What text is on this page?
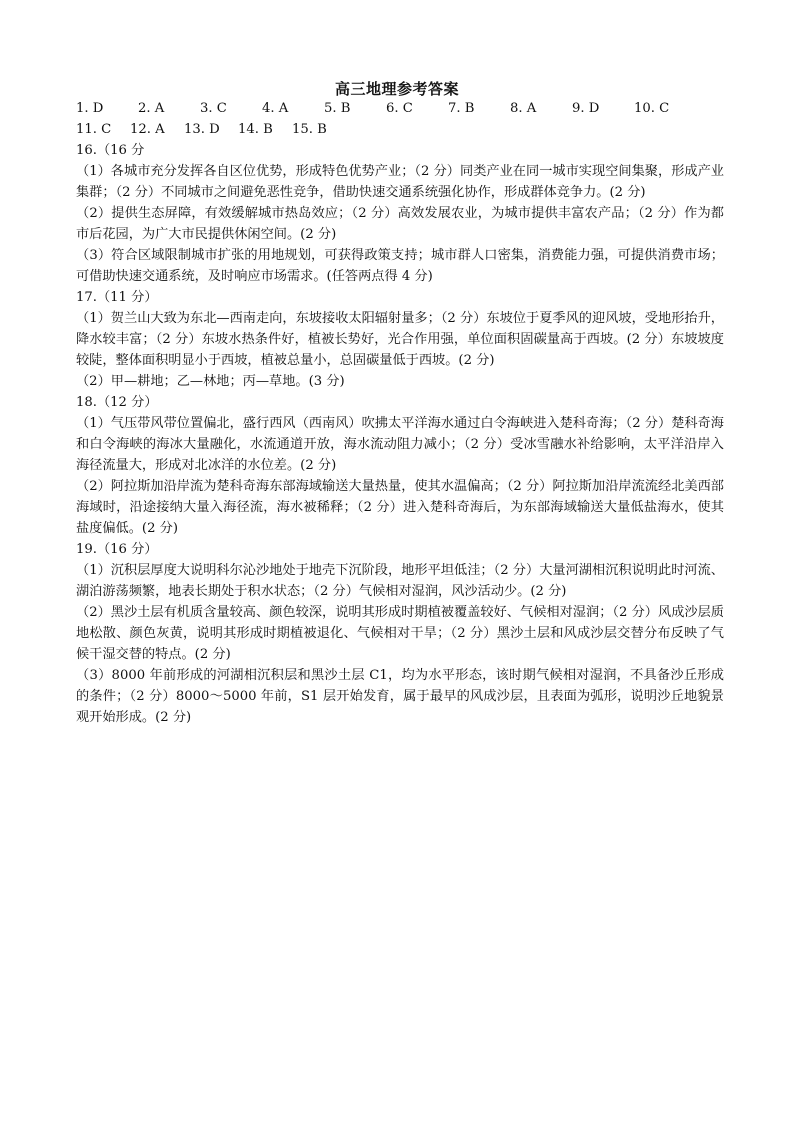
高三地理参考答案
1. D	2. A	3. C	4. A	5. B	6. C	7. B	8. A	9. D	10. C
11. C	12. A	13. D	14. B	15. B
16.（16 分

（1）各城市充分发挥各自区位优势，形成特色优势产业；（2 分）同类产业在同一城市实现空间集聚，形成产业集群；（2 分）不同城市之间避免恶性竞争，借助快速交通系统强化协作，形成群体竞争力。(2 分)

（2）提供生态屏障，有效缓解城市热岛效应；（2 分）高效发展农业，为城市提供丰富农产品；（2 分）作为都市后花园，为广大市民提供休闲空间。(2 分)

（3）符合区域限制城市扩张的用地规划，可获得政策支持；城市群人口密集，消费能力强，可提供消费市场；可借助快速交通系统，及时响应市场需求。(任答两点得 4 分)

17.（11 分）

（1）贺兰山大致为东北—西南走向，东坡接收太阳辐射量多；（2 分）东坡位于夏季风的迎风坡，受地形抬升，降水较丰富；（2 分）东坡水热条件好，植被长势好，光合作用强，单位面积固碳量高于西坡。(2 分）东坡坡度较陡，整体面积明显小于西坡，植被总量小，总固碳量低于西坡。(2 分)

（2）甲—耕地；乙—林地；丙—草地。(3 分)

18.（12 分）

（1）气压带风带位置偏北，盛行西风（西南风）吹拂太平洋海水通过白令海峡进入楚科奇海；（2 分）楚科奇海和白令海峡的海冰大量融化，水流通道开放，海水流动阻力减小；（2 分）受冰雪融水补给影响，太平洋沿岸入海径流量大，形成对北冰洋的水位差。(2 分)

（2）阿拉斯加沿岸流为楚科奇海东部海域输送大量热量，使其水温偏高；（2 分）阿拉斯加沿岸流流经北美西部海域时，沿途接纳大量入海径流，海水被稀释；（2 分）进入楚科奇海后，为东部海域输送大量低盐海水，使其盐度偏低。(2 分)

19.（16 分）

（1）沉积层厚度大说明科尔沁沙地处于地壳下沉阶段，地形平坦低洼；（2 分）大量河湖相沉积说明此时河流、湖泊游荡频繁，地表长期处于积水状态；（2 分）气候相对湿润，风沙活动少。(2 分)

（2）黑沙土层有机质含量较高、颜色较深，说明其形成时期植被覆盖较好、气候相对湿润；（2 分）风成沙层质地松散、颜色灰黄，说明其形成时期植被退化、气候相对干旱；（2 分）黑沙土层和风成沙层交替分布反映了气候干湿交替的特点。(2 分)

（3）8000 年前形成的河湖相沉积层和黑沙土层 C1，均为水平形态，该时期气候相对湿润，不具备沙丘形成的条件；（2 分）8000～5000 年前，S1 层开始发育，属于最早的风成沙层，且表面为弧形，说明沙丘地貌景观开始形成。(2 分)
